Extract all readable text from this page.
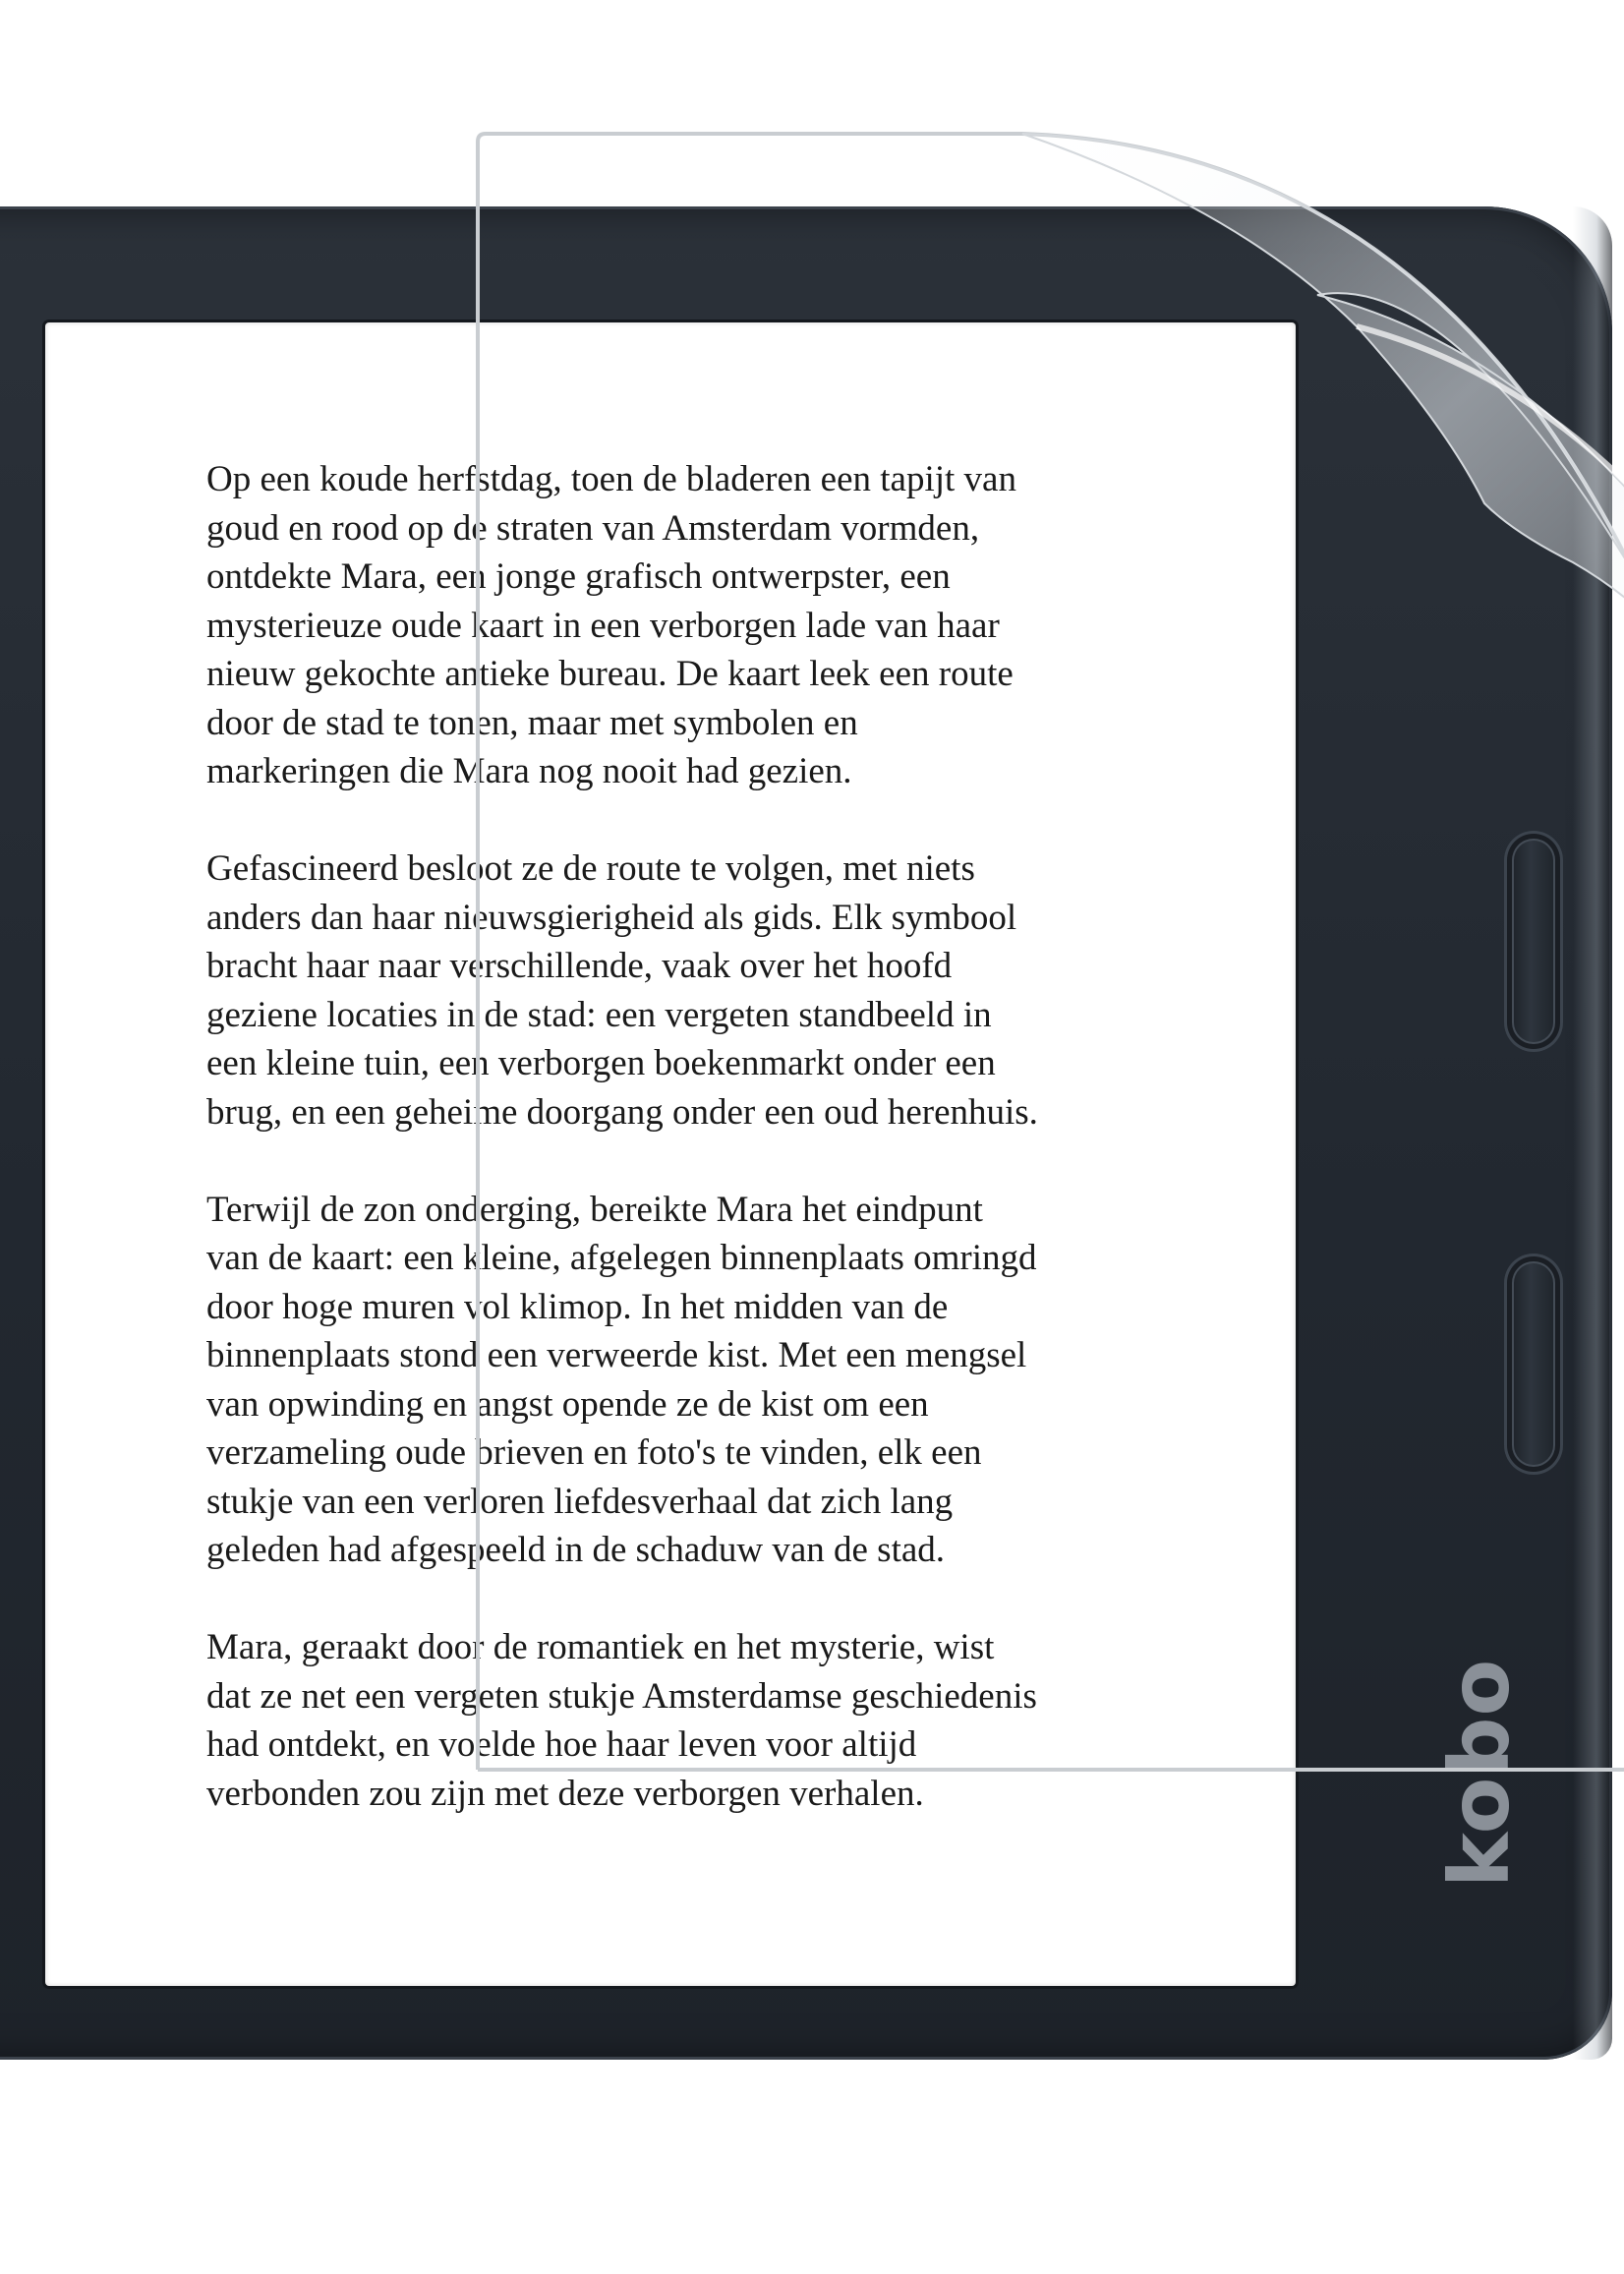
Op een koude herfstdag, toen de bladeren een tapijt van
goud en rood op de straten van Amsterdam vormden,
ontdekte Mara, een jonge grafisch ontwerpster, een
mysterieuze oude kaart in een verborgen lade van haar
nieuw gekochte antieke bureau. De kaart leek een route
door de stad te tonen, maar met symbolen en
markeringen die Mara nog nooit had gezien.

Gefascineerd besloot ze de route te volgen, met niets
anders dan haar nieuwsgierigheid als gids. Elk symbool
bracht haar naar verschillende, vaak over het hoofd
geziene locaties in de stad: een vergeten standbeeld in
een kleine tuin, een verborgen boekenmarkt onder een
brug, en een geheime doorgang onder een oud herenhuis.

Terwijl de zon onderging, bereikte Mara het eindpunt
van de kaart: een kleine, afgelegen binnenplaats omringd
door hoge muren vol klimop. In het midden van de
binnenplaats stond een verweerde kist. Met een mengsel
van opwinding en angst opende ze de kist om een
verzameling oude brieven en foto's te vinden, elk een
stukje van een verloren liefdesverhaal dat zich lang
geleden had afgespeeld in de schaduw van de stad.

Mara, geraakt door de romantiek en het mysterie, wist
dat ze net een vergeten stukje Amsterdamse geschiedenis
had ontdekt, en voelde hoe haar leven voor altijd
verbonden zou zijn met deze verborgen verhalen.	kobo
